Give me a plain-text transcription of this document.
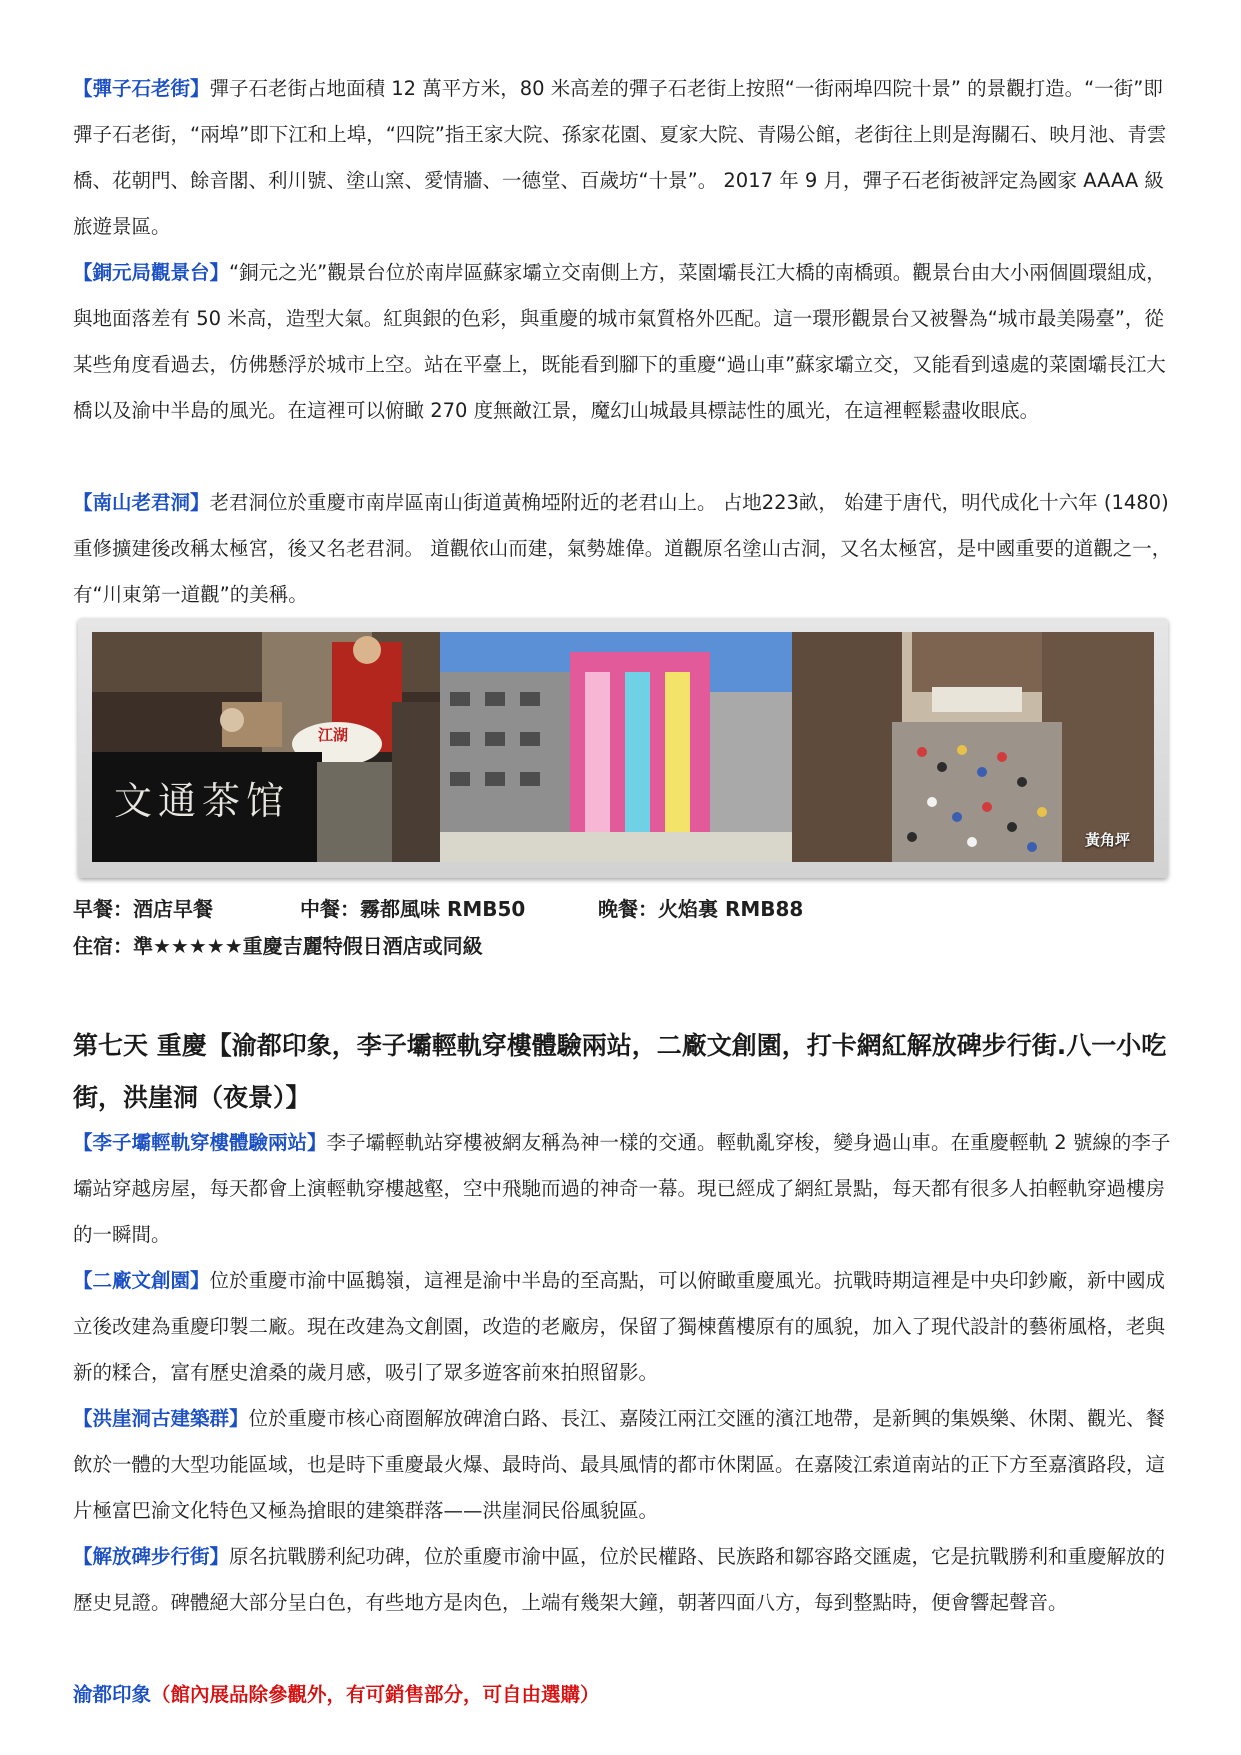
【彈子石老街】彈子石老街占地面積 12 萬平方米，80 米高差的彈子石老街上按照“一街兩埠四院十景” 的景觀打造。“一街”即彈子石老街，“兩埠”即下江和上埠，“四院”指王家大院、孫家花園、夏家大院、青陽公館，老街往上則是海關石、映月池、青雲橋、花朝門、餘音閣、利川號、塗山窯、愛情牆、一德堂、百歲坊“十景”。 2017 年 9 月，彈子石老街被評定為國家 AAAA 級旅遊景區。

【銅元局觀景台】“銅元之光”觀景台位於南岸區蘇家壩立交南側上方，菜園壩長江大橋的南橋頭。觀景台由大小兩個圓環組成，與地面落差有 50 米高，造型大氣。紅與銀的色彩，與重慶的城市氣質格外匹配。這一環形觀景台又被譽為“城市最美陽臺”，從某些角度看過去，仿佛懸浮於城市上空。站在平臺上，既能看到腳下的重慶“過山車”蘇家壩立交，又能看到遠處的菜園壩長江大橋以及渝中半島的風光。在這裡可以俯瞰 270 度無敵江景，魔幻山城最具標誌性的風光，在這裡輕鬆盡收眼底。

【南山老君洞】老君洞位於重慶市南岸區南山街道黃桷埡附近的老君山上。 占地223畝， 始建于唐代，明代成化十六年 (1480)重修擴建後改稱太極宮，後又名老君洞。 道觀依山而建，氣勢雄偉。道觀原名塗山古洞，又名太極宮，是中國重要的道觀之一，有“川東第一道觀”的美稱。

文通茶馆
江湖
黃角坪
早餐：酒店早餐	中餐：霧都風味 RMB50	晚餐：火焰裏 RMB88
住宿：準★★★★★重慶吉麗特假日酒店或同級
第七天 重慶【渝都印象，李子壩輕軌穿樓體驗兩站，二廠文創園，打卡網紅解放碑步行街.八一小吃街，洪崖洞（夜景）】

【李子壩輕軌穿樓體驗兩站】李子壩輕軌站穿樓被網友稱為神一樣的交通。輕軌亂穿梭，變身過山車。在重慶輕軌 2 號線的李子壩站穿越房屋，每天都會上演輕軌穿樓越壑，空中飛馳而過的神奇一幕。現已經成了網紅景點，每天都有很多人拍輕軌穿過樓房的一瞬間。

【二廠文創園】位於重慶市渝中區鵝嶺，這裡是渝中半島的至高點，可以俯瞰重慶風光。抗戰時期這裡是中央印鈔廠，新中國成立後改建為重慶印製二廠。現在改建為文創園，改造的老廠房，保留了獨棟舊樓原有的風貌，加入了現代設計的藝術風格，老與新的糅合，富有歷史滄桑的歲月感，吸引了眾多遊客前來拍照留影。

【洪崖洞古建築群】位於重慶市核心商圈解放碑滄白路、長江、嘉陵江兩江交匯的濱江地帶，是新興的集娛樂、休閑、觀光、餐飲於一體的大型功能區域，也是時下重慶最火爆、最時尚、最具風情的都市休閑區。在嘉陵江索道南站的正下方至嘉濱路段，這片極富巴渝文化特色又極為搶眼的建築群落——洪崖洞民俗風貌區。

【解放碑步行街】原名抗戰勝利紀功碑，位於重慶市渝中區，位於民權路、民族路和鄒容路交匯處，它是抗戰勝利和重慶解放的歷史見證。碑體絕大部分呈白色，有些地方是肉色，上端有幾架大鐘，朝著四面八方，每到整點時，便會響起聲音。

渝都印象（館內展品除參觀外，有可銷售部分，可自由選購）
